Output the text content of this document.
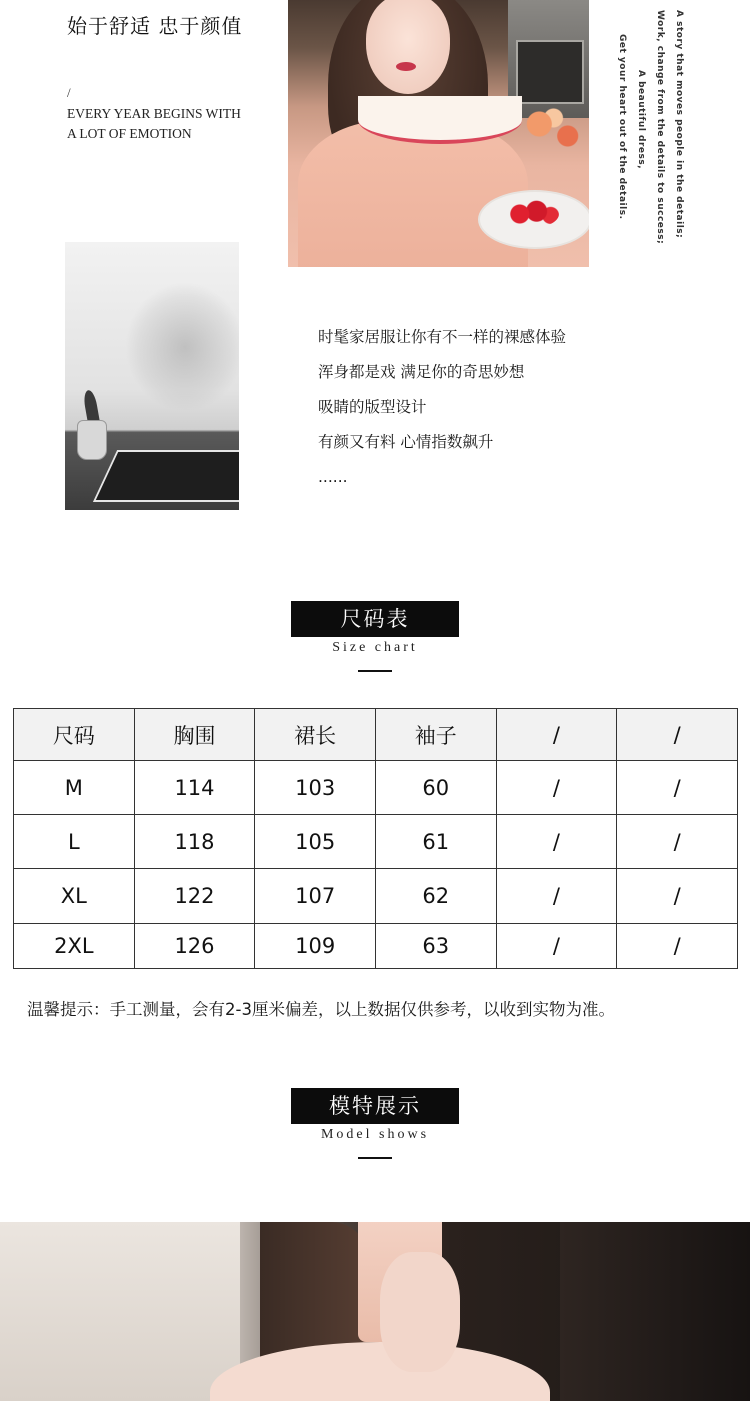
始于舒适 忠于颜值
/
EVERY YEAR BEGINS WITH
A LOT OF EMOTION	A story that moves people in the details;
Work, change from the details to success;
A beautiful dress,
Get your heart out of the details.
时髦家居服让你有不一样的裸感体验
浑身都是戏 满足你的奇思妙想
吸睛的版型设计
有颜又有料 心情指数飙升
......
尺码表
Size chart
尺码	胸围	裙长	袖子	/	/
M	114	103	60	/	/
L	118	105	61	/	/
XL	122	107	62	/	/
2XL	126	109	63	/	/
温馨提示：手工测量，会有2-3厘米偏差，以上数据仅供参考，以收到实物为准。
模特展示
Model shows
